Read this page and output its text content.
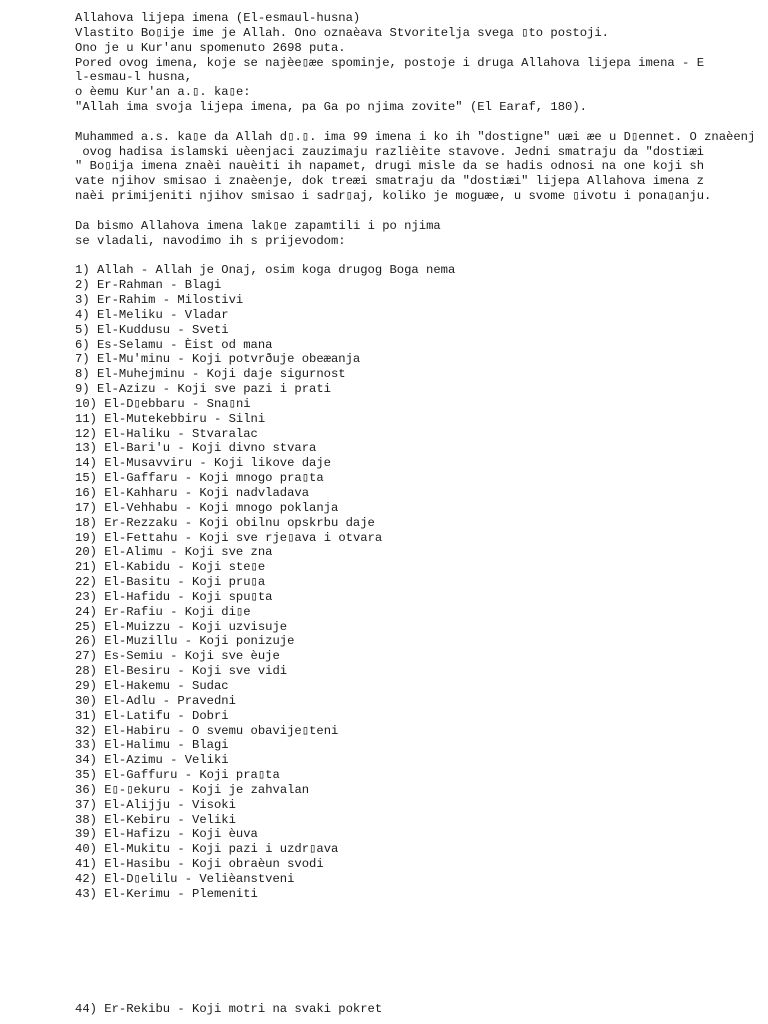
Allahova lijepa imena (El-esmaul-husna)
Vlastito Bo▯ije ime je Allah. Ono oznaèava Stvoritelja svega ▯to postoji.
Ono je u Kur'anu spomenuto 2698 puta.
Pored ovog imena, koje se najèe▯æe spominje, postoje i druga Allahova lijepa imena - E
l-esmau-l husna,
o èemu Kur'an a.▯. ka▯e:
"Allah ima svoja lijepa imena, pa Ga po njima zovite" (El Earaf, 180).
Muhammed a.s. ka▯e da Allah d▯.▯. ima 99 imena i ko ih "dostigne" uæi æe u D▯ennet. O znaèenj
ovog hadisa islamski uèenjaci zauzimaju razlièite stavove. Jedni smatraju da "dostiæi
" Bo▯ija imena znaèi nauèiti ih napamet, drugi misle da se hadis odnosi na one koji sh
vate njihov smisao i znaèenje, dok treæi smatraju da "dostiæi" lijepa Allahova imena z
naèi primijeniti njihov smisao i sadr▯aj, koliko je moguæe, u svome ▯ivotu i pona▯anju.
Da bismo Allahova imena lak▯e zapamtili i po njima
se vladali, navodimo ih s prijevodom:
1) Allah - Allah je Onaj, osim koga drugog Boga nema
2) Er-Rahman - Blagi
3) Er-Rahim - Milostivi
4) El-Meliku - Vladar
5) El-Kuddusu - Sveti
6) Es-Selamu - Èist od mana
7) El-Mu'minu - Koji potvrðuje obeæanja
8) El-Muhejminu - Koji daje sigurnost
9) El-Azizu - Koji sve pazi i prati
10) El-D▯ebbaru - Sna▯ni
11) El-Mutekebbiru - Silni
12) El-Haliku - Stvaralac
13) El-Bari'u - Koji divno stvara
14) El-Musavviru - Koji likove daje
15) El-Gaffaru - Koji mnogo pra▯ta
16) El-Kahharu - Koji nadvladava
17) El-Vehhabu - Koji mnogo poklanja
18) Er-Rezzaku - Koji obilnu opskrbu daje
19) El-Fettahu - Koji sve rje▯ava i otvara
20) El-Alimu - Koji sve zna
21) El-Kabidu - Koji ste▯e
22) El-Basitu - Koji pru▯a
23) El-Hafidu - Koji spu▯ta
24) Er-Rafiu - Koji di▯e
25) El-Muizzu - Koji uzvisuje
26) El-Muzillu - Koji ponizuje
27) Es-Semiu - Koji sve èuje
28) El-Besiru - Koji sve vidi
29) El-Hakemu - Sudac
30) El-Adlu - Pravedni
31) El-Latifu - Dobri
32) El-Habiru - O svemu obavije▯teni
33) El-Halimu - Blagi
34) El-Azimu - Veliki
35) El-Gaffuru - Koji pra▯ta
36) E▯-▯ekuru - Koji je zahvalan
37) El-Alijju - Visoki
38) El-Kebiru - Veliki
39) El-Hafizu - Koji èuva
40) El-Mukitu - Koji pazi i uzdr▯ava
41) El-Hasibu - Koji obraèun svodi
42) El-D▯elilu - Velièanstveni
43) El-Kerimu - Plemeniti
44) Er-Rekibu - Koji motri na svaki pokret
